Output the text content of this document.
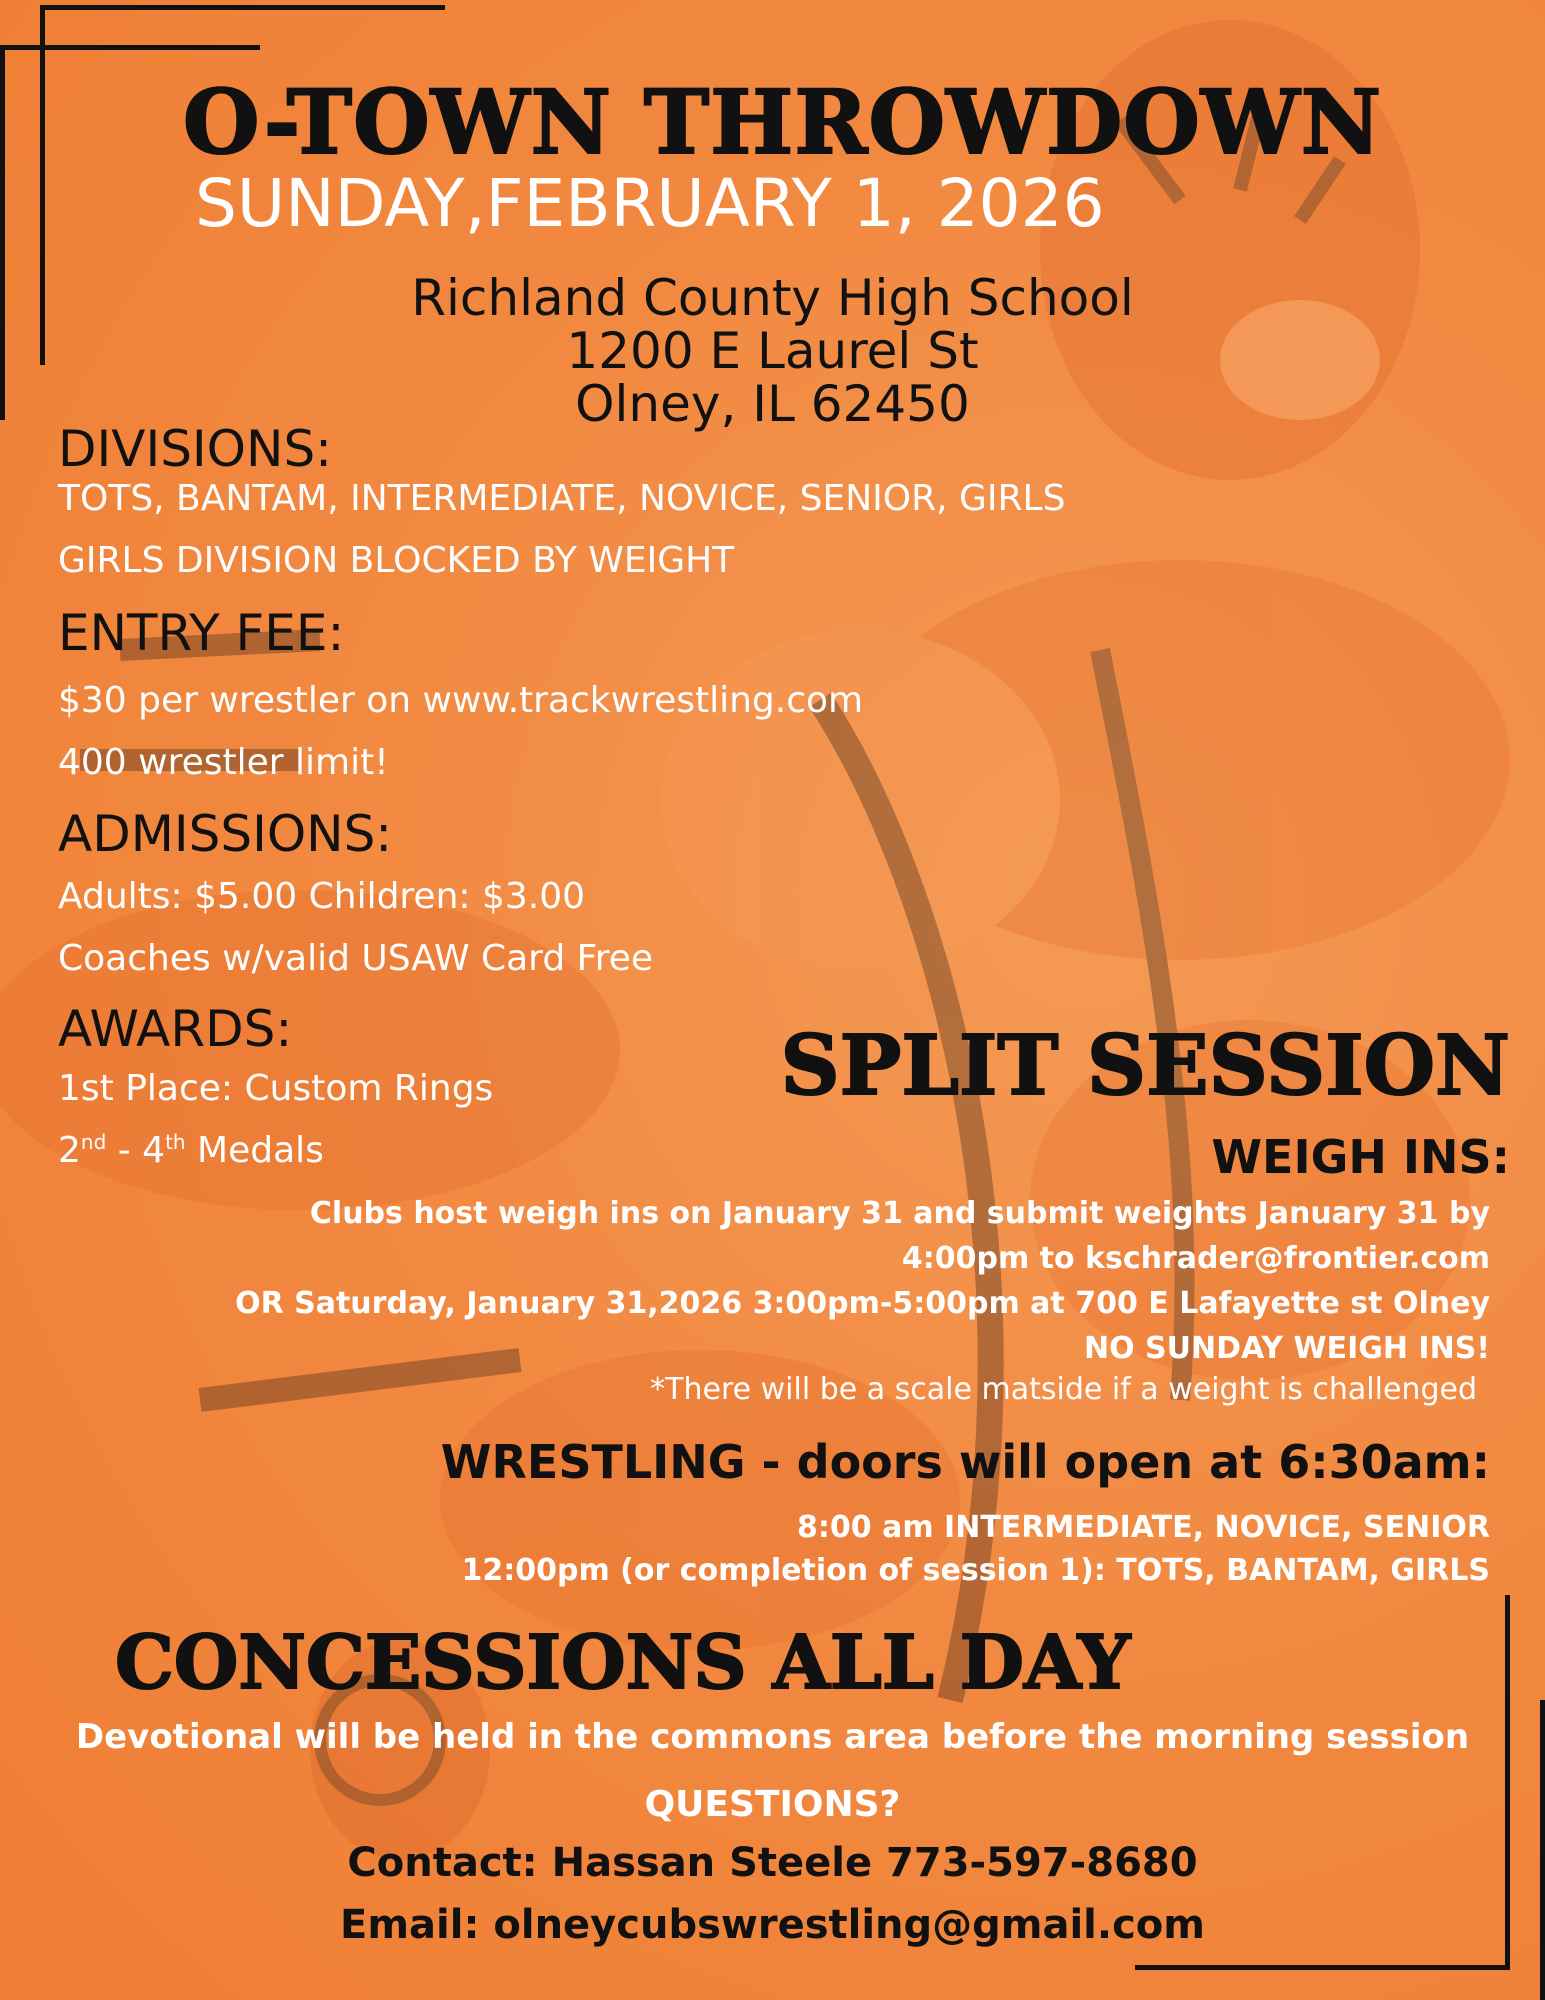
O-TOWN THROWDOWN
SUNDAY,FEBRUARY 1, 2026
Richland County High School
1200 E Laurel St
Olney, IL 62450
DIVISIONS:
TOTS, BANTAM, INTERMEDIATE, NOVICE, SENIOR, GIRLS
GIRLS DIVISION BLOCKED BY WEIGHT
ENTRY FEE:
$30 per wrestler on www.trackwrestling.com
400 wrestler limit!
ADMISSIONS:
Adults: $5.00 Children: $3.00
Coaches w/valid USAW Card Free
AWARDS:
1st Place: Custom Rings
2nd - 4th Medals
SPLIT SESSION
WEIGH INS:
Clubs host weigh ins on January 31 and submit weights January 31 by
4:00pm to kschrader@frontier.com
OR Saturday, January 31,2026 3:00pm-5:00pm at 700 E Lafayette st Olney
NO SUNDAY WEIGH INS!
*There will be a scale matside if a weight is challenged
WRESTLING - doors will open at 6:30am:
8:00 am INTERMEDIATE, NOVICE, SENIOR
12:00pm (or completion of session 1): TOTS, BANTAM, GIRLS
CONCESSIONS ALL DAY
Devotional will be held in the commons area before the morning session
QUESTIONS?
Contact: Hassan Steele 773-597-8680
Email: olneycubswrestling@gmail.com
